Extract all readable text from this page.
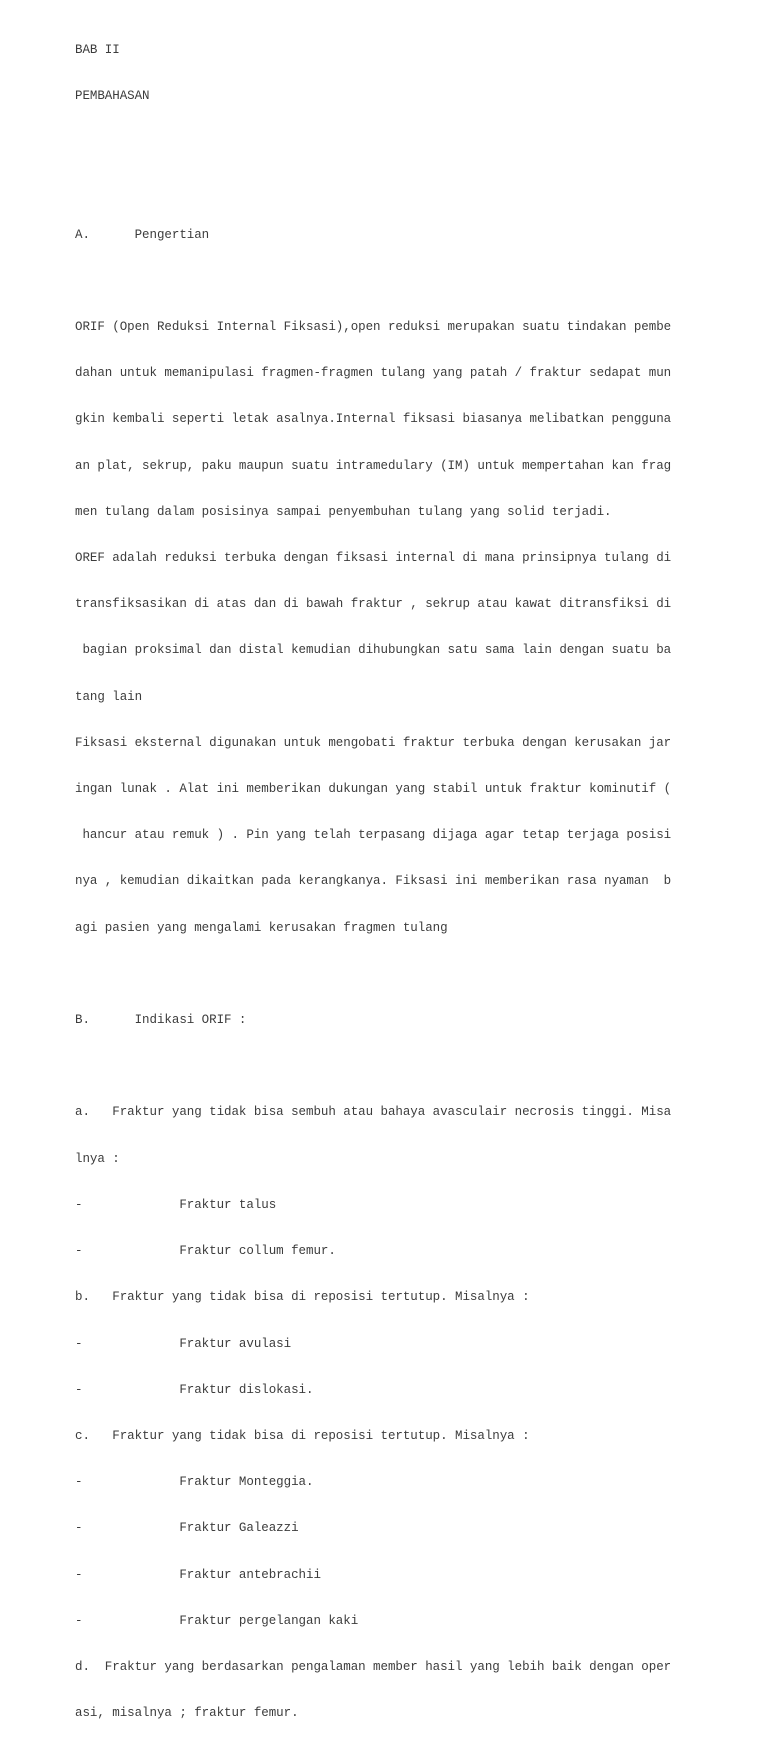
BAB II

PEMBAHASAN

A.      Pengertian

ORIF (Open Reduksi Internal Fiksasi),open reduksi merupakan suatu tindakan pembe

dahan untuk memanipulasi fragmen-fragmen tulang yang patah / fraktur sedapat mun

gkin kembali seperti letak asalnya.Internal fiksasi biasanya melibatkan pengguna

an plat, sekrup, paku maupun suatu intramedulary (IM) untuk mempertahan kan frag

men tulang dalam posisinya sampai penyembuhan tulang yang solid terjadi.

OREF adalah reduksi terbuka dengan fiksasi internal di mana prinsipnya tulang di

transfiksasikan di atas dan di bawah fraktur , sekrup atau kawat ditransfiksi di

bagian proksimal dan distal kemudian dihubungkan satu sama lain dengan suatu ba

tang lain

Fiksasi eksternal digunakan untuk mengobati fraktur terbuka dengan kerusakan jar

ingan lunak . Alat ini memberikan dukungan yang stabil untuk fraktur kominutif (

hancur atau remuk ) . Pin yang telah terpasang dijaga agar tetap terjaga posisi

nya , kemudian dikaitkan pada kerangkanya. Fiksasi ini memberikan rasa nyaman  b

agi pasien yang mengalami kerusakan fragmen tulang

B.      Indikasi ORIF :

a.   Fraktur yang tidak bisa sembuh atau bahaya avasculair necrosis tinggi. Misa

lnya :

-             Fraktur talus

-             Fraktur collum femur.

b.   Fraktur yang tidak bisa di reposisi tertutup. Misalnya :

-             Fraktur avulasi

-             Fraktur dislokasi.

c.   Fraktur yang tidak bisa di reposisi tertutup. Misalnya :

-             Fraktur Monteggia.

-             Fraktur Galeazzi

-             Fraktur antebrachii

-             Fraktur pergelangan kaki

d.  Fraktur yang berdasarkan pengalaman member hasil yang lebih baik dengan oper

asi, misalnya ; fraktur femur.
